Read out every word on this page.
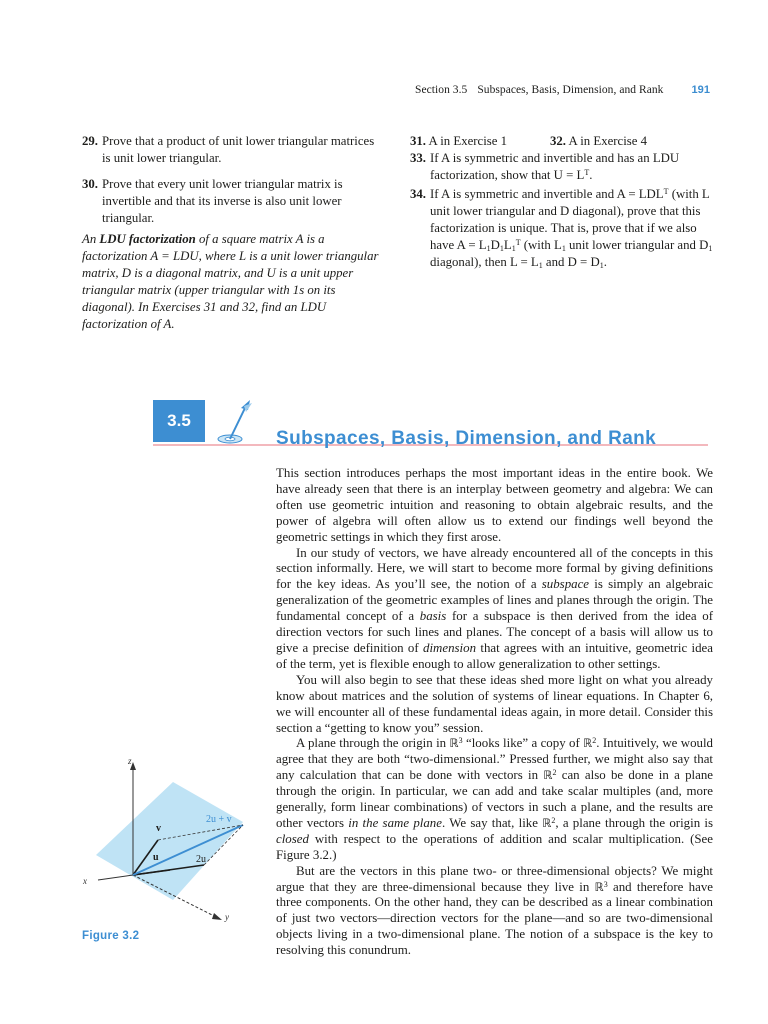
Section 3.5 Subspaces, Basis, Dimension, and Rank	191
29. Prove that a product of unit lower triangular matrices is unit lower triangular.
30. Prove that every unit lower triangular matrix is invertible and that its inverse is also unit lower triangular.
An LDU factorization of a square matrix A is a factorization A = LDU, where L is a unit lower triangular matrix, D is a diagonal matrix, and U is a unit upper triangular matrix (upper triangular with 1s on its diagonal). In Exercises 31 and 32, find an LDU factorization of A.
31. A in Exercise 1	32. A in Exercise 4
33. If A is symmetric and invertible and has an LDU factorization, show that $U = L^T$.
34. If A is symmetric and invertible and $A = LDL^T$ (with L unit lower triangular and D diagonal), prove that this factorization is unique. That is, prove that if we also have $A = L_1D_1L_1^T$ (with $L_1$ unit lower triangular and $D_1$ diagonal), then $L = L_1$ and $D = D_1$.
3.5
Subspaces, Basis, Dimension, and Rank

This section introduces perhaps the most important ideas in the entire book. We have already seen that there is an interplay between geometry and algebra: We can often use geometric intuition and reasoning to obtain algebraic results, and the power of algebra will often allow us to extend our findings well beyond the geometric settings in which they first arose.

In our study of vectors, we have already encountered all of the concepts in this section informally. Here, we will start to become more formal by giving definitions for the key ideas. As you’ll see, the notion of a subspace is simply an algebraic generalization of the geometric examples of lines and planes through the origin. The fundamental concept of a basis for a subspace is then derived from the idea of direction vectors for such lines and planes. The concept of a basis will allow us to give a precise definition of dimension that agrees with an intuitive, geometric idea of the term, yet is flexible enough to allow generalization to other settings.

You will also begin to see that these ideas shed more light on what you already know about matrices and the solution of systems of linear equations. In Chapter 6, we will encounter all of these fundamental ideas again, in more detail. Consider this section a “getting to know you” session.

A plane through the origin in ℝ$^3$ “looks like” a copy of ℝ$^2$. Intuitively, we would agree that they are both “two-dimensional.” Pressed further, we might also say that any calculation that can be done with vectors in ℝ$^2$ can also be done in a plane through the origin. In particular, we can add and take scalar multiples (and, more generally, form linear combinations) of vectors in such a plane, and the results are other vectors in the same plane. We say that, like ℝ$^2$, a plane through the origin is closed with respect to the operations of addition and scalar multiplication. (See Figure 3.2.)

But are the vectors in this plane two- or three-dimensional objects? We might argue that they are three-dimensional because they live in ℝ$^3$ and therefore have three components. On the other hand, they can be described as a linear combination of just two vectors—direction vectors for the plane—and so are two-dimensional objects living in a two-dimensional plane. The notion of a subspace is the key to resolving this conundrum.

z
x
y
v
u	2u
2u + v
Figure 3.2
